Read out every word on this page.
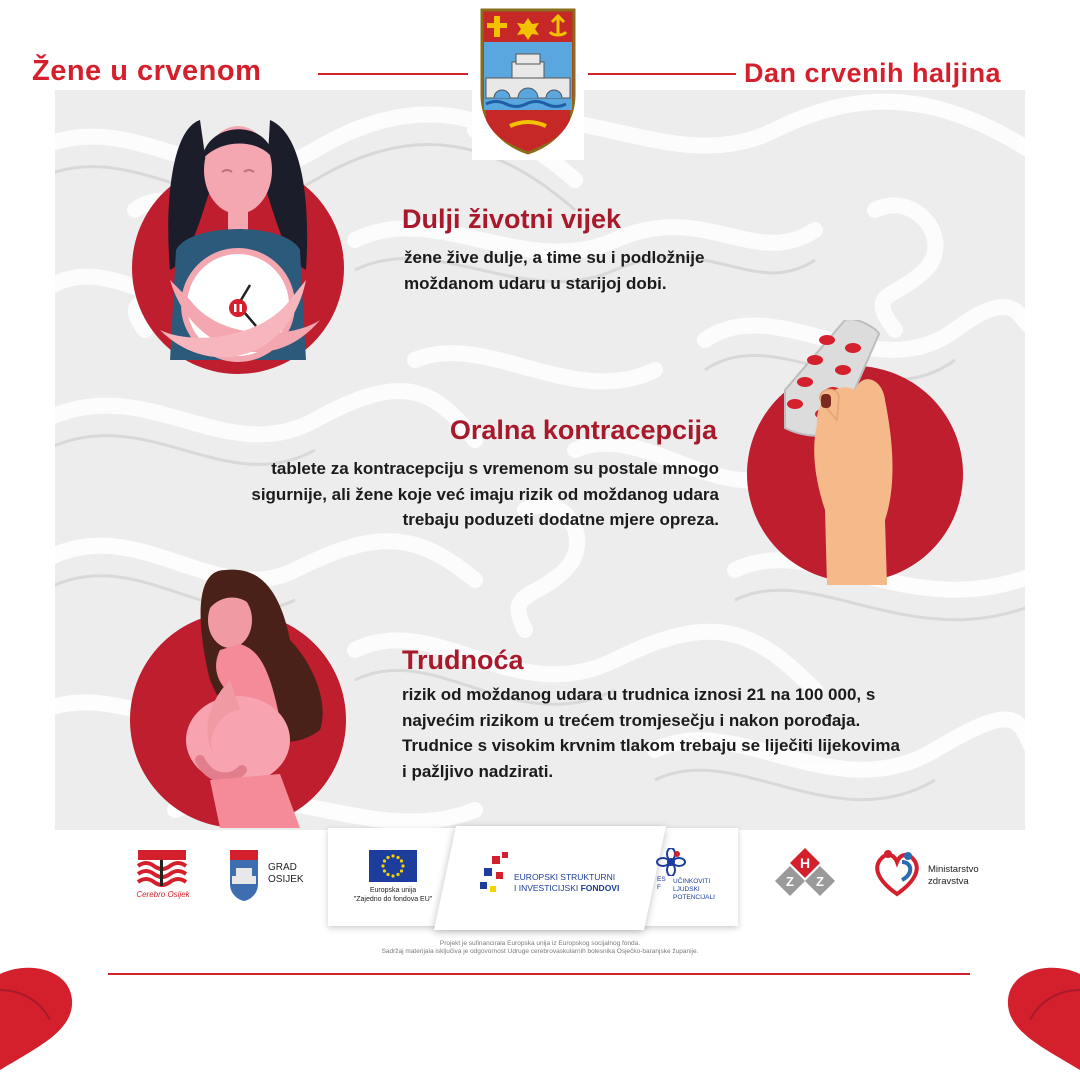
Žene u crvenom	Dan crvenih haljina
Dulji životni vijek
žene žive dulje, a time su i podložnije moždanom udaru u starijoj dobi.
Oralna kontracepcija
tablete za kontracepciju s vremenom su postale mnogo sigurnije, ali žene koje već imaju rizik od moždanog udara trebaju poduzeti dodatne mjere opreza.
Trudnoća
rizik od moždanog udara u trudnica iznosi 21 na 100 000, s najvećim rizikom u trećem tromjesečju i nakon porođaja. Trudnice s visokim krvnim tlakom trebaju se liječiti lijekovima i pažljivo nadzirati.
Cerebro Osijek
GRAD
OSIJEK
Europska unija
"Zajedno do fondova EU"
EUROPSKI STRUKTURNI
I INVESTICIJSKI FONDOVI
ESF
UČINKOVITI
LJUDSKI
POTENCIJALI
H
Z Z
Ministarstvo
zdravstva
Projekt je sufinancirala Europska unija iz Europskog socijalnog fonda.
Sadržaj materijala isključiva je odgovornost Udruge cerebrovaskularnih bolesnika Osječko-baranjske županije.
